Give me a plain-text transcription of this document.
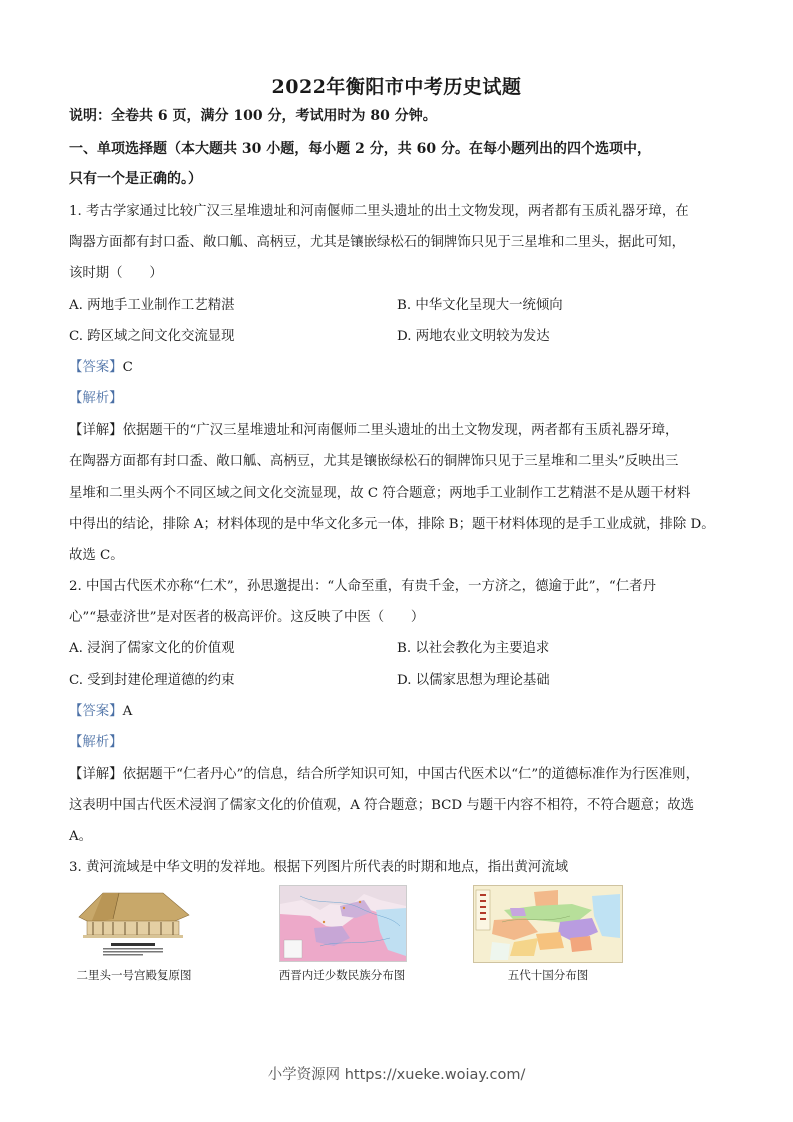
2022年衡阳市中考历史试题
说明：全卷共 6 页，满分 100 分，考试用时为 80 分钟。
一、单项选择题（本大题共 30 小题，每小题 2 分，共 60 分。在每小题列出的四个选项中，
只有一个是正确的。）
1. 考古学家通过比较广汉三星堆遗址和河南偃师二里头遗址的出土文物发现，两者都有玉质礼器牙璋，在
陶器方面都有封口盉、敞口觚、高柄豆，尤其是镶嵌绿松石的铜牌饰只见于三星堆和二里头，据此可知，
该时期（　　）
A. 两地手工业制作工艺精湛	B. 中华文化呈现大一统倾向
C. 跨区域之间文化交流显现	D. 两地农业文明较为发达
【答案】C
【解析】
【详解】依据题干的“广汉三星堆遗址和河南偃师二里头遗址的出土文物发现，两者都有玉质礼器牙璋，
在陶器方面都有封口盉、敞口觚、高柄豆，尤其是镶嵌绿松石的铜牌饰只见于三星堆和二里头”反映出三
星堆和二里头两个不同区域之间文化交流显现，故 C 符合题意；两地手工业制作工艺精湛不是从题干材料
中得出的结论，排除 A；材料体现的是中华文化多元一体，排除 B；题干材料体现的是手工业成就，排除 D。
故选 C。
2. 中国古代医术亦称“仁术”，孙思邈提出：“人命至重，有贵千金，一方济之，德逾于此”，“仁者丹
心”“悬壶济世”是对医者的极高评价。这反映了中医（　　）
A. 浸润了儒家文化的价值观	B. 以社会教化为主要追求
C. 受到封建伦理道德的约束	D. 以儒家思想为理论基础
【答案】A
【解析】
【详解】依据题干“仁者丹心”的信息，结合所学知识可知，中国古代医术以“仁”的道德标准作为行医准则，
这表明中国古代医术浸润了儒家文化的价值观，A 符合题意；BCD 与题干内容不相符，不符合题意；故选
A。
3. 黄河流域是中华文明的发祥地。根据下列图片所代表的时期和地点，指出黄河流域
二里头一号宫殿复原图	西晋内迁少数民族分布图	五代十国分布图
小学资源网 https://xueke.woiay.com/
